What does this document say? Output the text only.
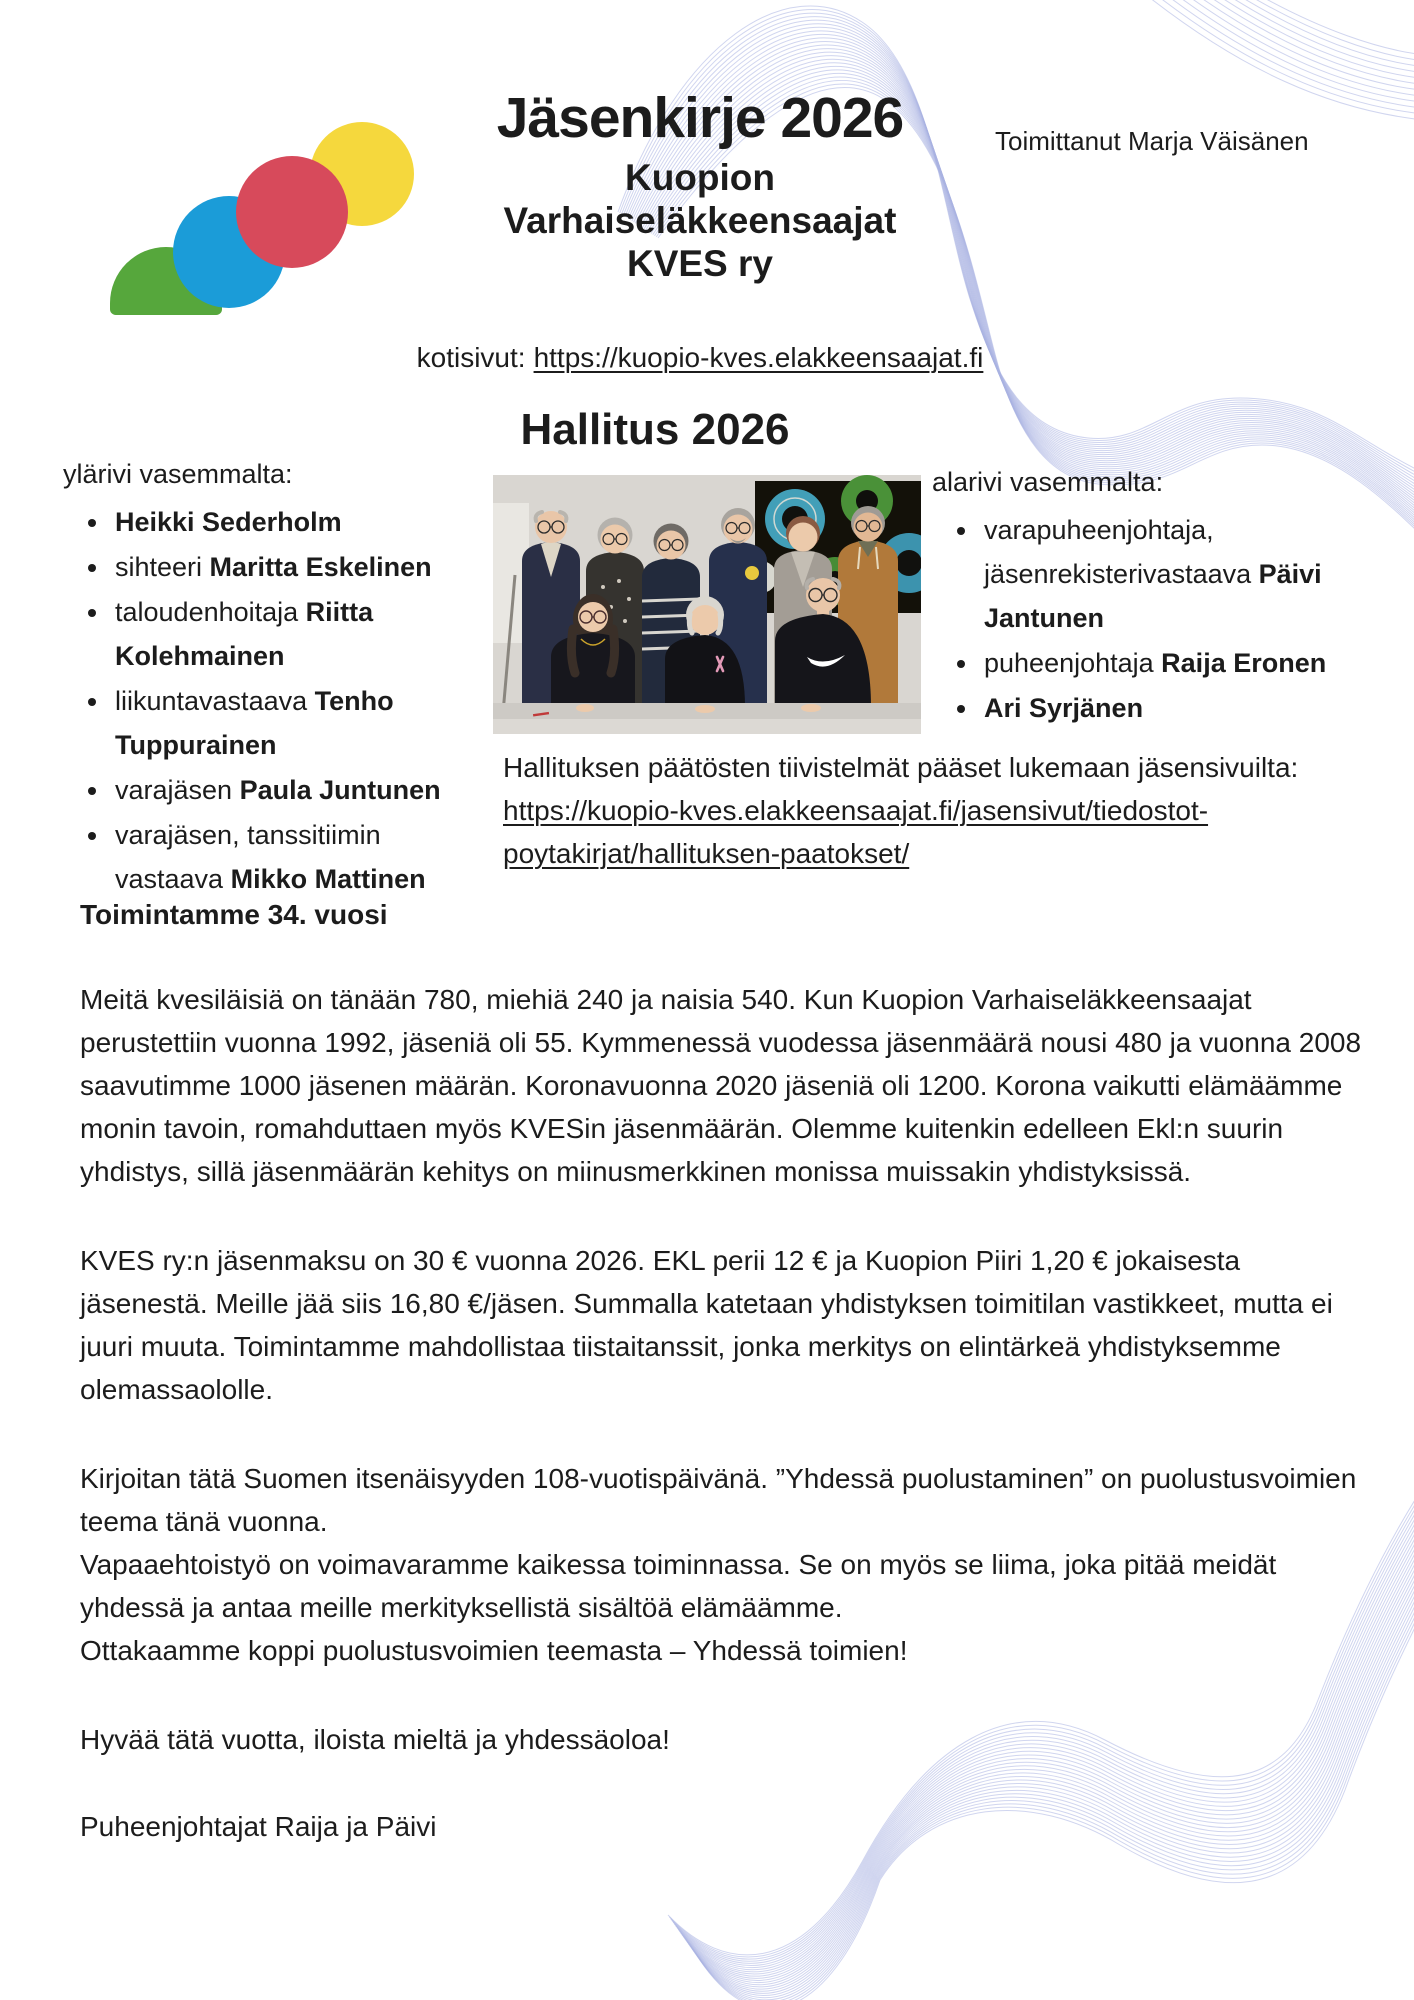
Jäsenkirje 2026
Kuopion
Varhaiseläkkeensaajat
KVES ry
Toimittanut Marja Väisänen
kotisivut: https://kuopio-kves.elakkeensaajat.fi
Hallitus 2026
ylärivi vasemmalta:
• Heikki Sederholm
• sihteeri Maritta Eskelinen
• taloudenhoitaja Riitta Kolehmainen
• liikuntavastaava Tenho Tuppurainen
• varajäsen Paula Juntunen
• varajäsen, tanssitiimin vastaava Mikko Mattinen
alarivi vasemmalta:
• varapuheenjohtaja, jäsenrekisterivastaava Päivi Jantunen
• puheenjohtaja Raija Eronen
• Ari Syrjänen
Hallituksen päätösten tiivistelmät pääset lukemaan jäsensivuilta: https://kuopio-kves.elakkeensaajat.fi/jasensivut/tiedostot-poytakirjat/hallituksen-paatokset/
Toimintamme 34. vuosi

Meitä kvesiläisiä on tänään 780, miehiä 240 ja naisia 540. Kun Kuopion Varhaiseläkkeensaajat perustettiin vuonna 1992, jäseniä oli 55. Kymmenessä vuodessa jäsenmäärä nousi 480 ja vuonna 2008 saavutimme 1000 jäsenen määrän. Koronavuonna 2020 jäseniä oli 1200. Korona vaikutti elämäämme monin tavoin, romahduttaen myös KVESin jäsenmäärän. Olemme kuitenkin edelleen Ekl:n suurin yhdistys, sillä jäsenmäärän kehitys on miinusmerkkinen monissa muissakin yhdistyksissä.

KVES ry:n jäsenmaksu on 30 € vuonna 2026. EKL perii 12 € ja Kuopion Piiri 1,20 € jokaisesta jäsenestä. Meille jää siis 16,80 €/jäsen. Summalla katetaan yhdistyksen toimitilan vastikkeet, mutta ei juuri muuta. Toimintamme mahdollistaa tiistaitanssit, jonka merkitys on elintärkeä yhdistyksemme olemassaololle.

Kirjoitan tätä Suomen itsenäisyyden 108-vuotispäivänä. ”Yhdessä puolustaminen” on puolustusvoimien teema tänä vuonna.
Vapaaehtoistyö on voimavaramme kaikessa toiminnassa. Se on myös se liima, joka pitää meidät yhdessä ja antaa meille merkityksellistä sisältöä elämäämme.
Ottakaamme koppi puolustusvoimien teemasta – Yhdessä toimien!

Hyvää tätä vuotta, iloista mieltä ja yhdessäoloa!

Puheenjohtajat Raija ja Päivi
